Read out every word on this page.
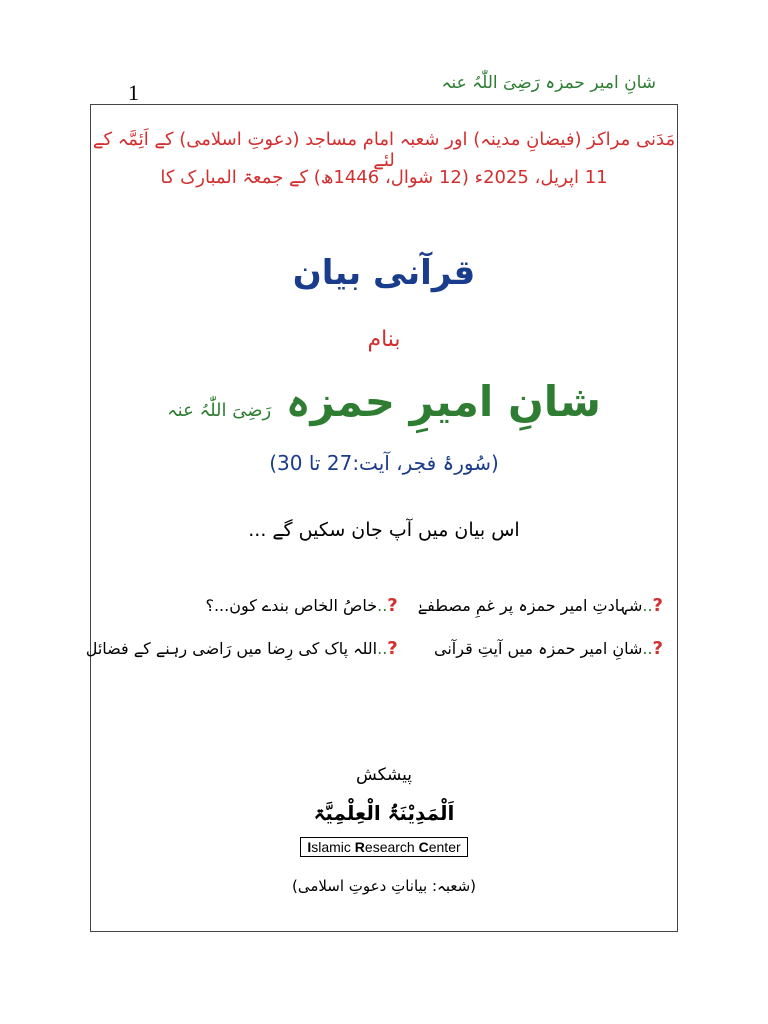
شانِ امیر حمزہ رَضِیَ اللّٰہُ عنہ
1
مَدَنی مراکز (فیضانِ مدینہ) اور شعبہ امام مساجد (دعوتِ اسلامی) کے اَئِمَّہ کے لئے
11 اپریل، 2025ء (12 شوال، 1446ھ) کے جمعۃ المبارک کا
قرآنی بیان
بنام
شانِ امیرِ حمزہ رَضِیَ اللّٰہُ عنہ
(سُورۂ فجر، آیت:27 تا 30)
اس بیان میں آپ جان سکیں گے ...
?..شہادتِ امیر حمزہ پر غمِ مصطفےٰ
?..خاصُ الخاص بندے کون...؟
?..شانِ امیر حمزہ میں آیتِ قرآنی
?..اللہ پاک کی رِضا میں رَاضی رہنے کے فضائل
پیشکش
اَلْمَدِیْنَۃُ الْعِلْمِیَّۃ
Islamic Research Center
(شعبہ: بیاناتِ دعوتِ اسلامی)
